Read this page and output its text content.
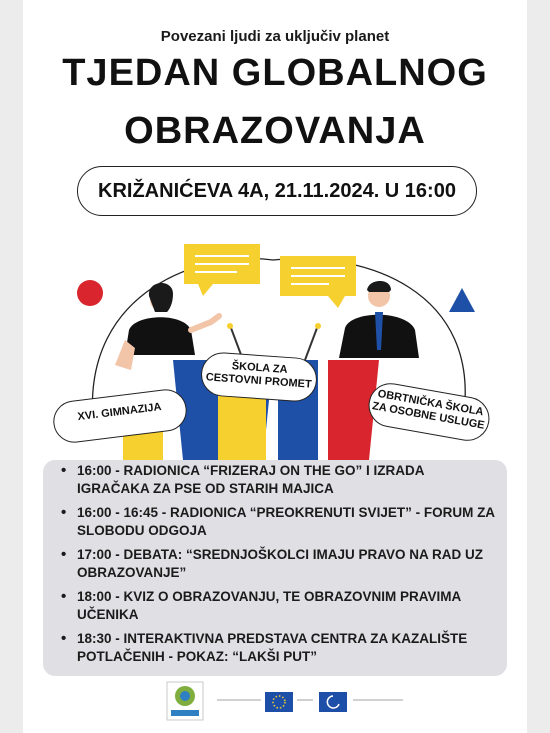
Povezani ljudi za uključiv planet
TJEDAN GLOBALNOG
OBRAZOVANJA
KRIŽANIĆEVA 4A, 21.11.2024. U 16:00
XVI. GIMNAZIJA
ŠKOLA ZA CESTOVNI PROMET
OBRTNIČKA ŠKOLA ZA OSOBNE USLUGE
• 16:00 - RADIONICA “FRIZERAJ ON THE GO” I IZRADA IGRAČAKA ZA PSE OD STARIH MAJICA
• 16:00 - 16:45 - RADIONICA “PREOKRENUTI SVIJET” - FORUM ZA SLOBODU ODGOJA
• 17:00 - DEBATA: “SREDNJOŠKOLCI IMAJU PRAVO NA RAD UZ OBRAZOVANJE”
• 18:00 - KVIZ O OBRAZOVANJU, TE OBRAZOVNIM PRAVIMA UČENIKA
• 18:30 - INTERAKTIVNA PREDSTAVA CENTRA ZA KAZALIŠTE POTLAČENIH - POKAZ: “LAKŠI PUT”
